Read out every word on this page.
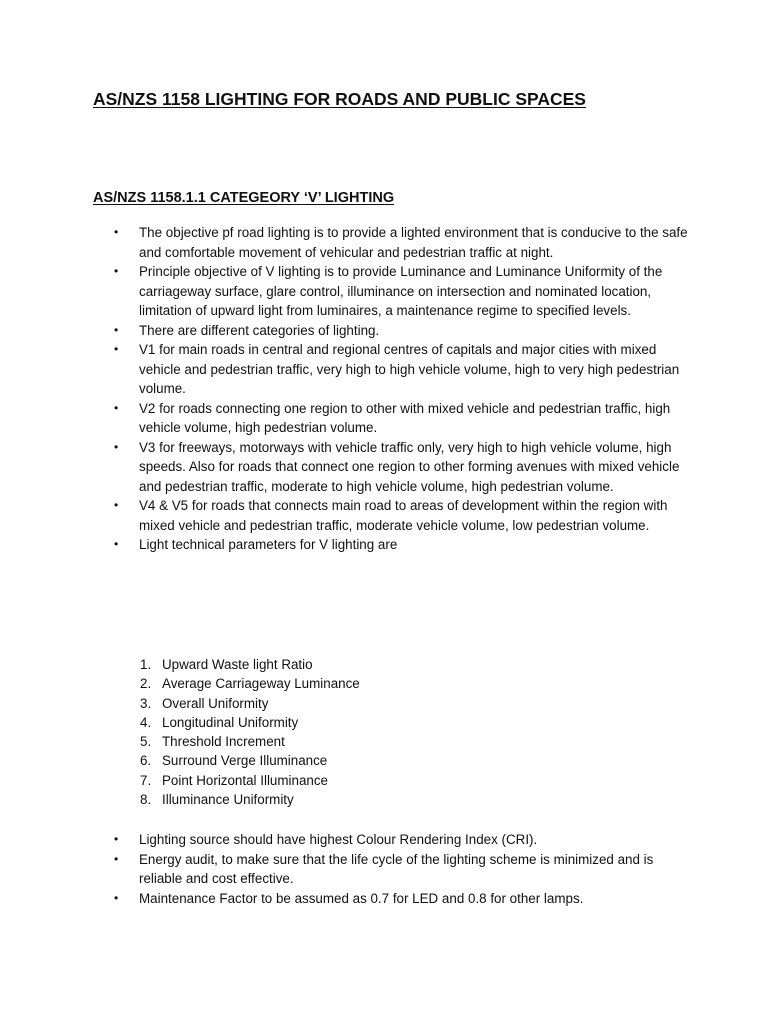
AS/NZS 1158 LIGHTING FOR ROADS AND PUBLIC SPACES
AS/NZS 1158.1.1 CATEGEORY ‘V’ LIGHTING
• The objective pf road lighting is to provide a lighted environment that is conducive to the safe and comfortable movement of vehicular and pedestrian traffic at night.
• Principle objective of V lighting is to provide Luminance and Luminance Uniformity of the carriageway surface, glare control, illuminance on intersection and nominated location, limitation of upward light from luminaires, a maintenance regime to specified levels.
• There are different categories of lighting.
• V1 for main roads in central and regional centres of capitals and major cities with mixed vehicle and pedestrian traffic, very high to high vehicle volume, high to very high pedestrian volume.
• V2 for roads connecting one region to other with mixed vehicle and pedestrian traffic, high vehicle volume, high pedestrian volume.
• V3 for freeways, motorways with vehicle traffic only, very high to high vehicle volume, high speeds. Also for roads that connect one region to other forming avenues with mixed vehicle and pedestrian traffic, moderate to high vehicle volume, high pedestrian volume.
• V4 & V5 for roads that connects main road to areas of development within the region with mixed vehicle and pedestrian traffic, moderate vehicle volume, low pedestrian volume.
• Light technical parameters for V lighting are
1. Upward Waste light Ratio
2. Average Carriageway Luminance
3. Overall Uniformity
4. Longitudinal Uniformity
5. Threshold Increment
6. Surround Verge Illuminance
7. Point Horizontal Illuminance
8. Illuminance Uniformity
• Lighting source should have highest Colour Rendering Index (CRI).
• Energy audit, to make sure that the life cycle of the lighting scheme is minimized and is reliable and cost effective.
• Maintenance Factor to be assumed as 0.7 for LED and 0.8 for other lamps.
